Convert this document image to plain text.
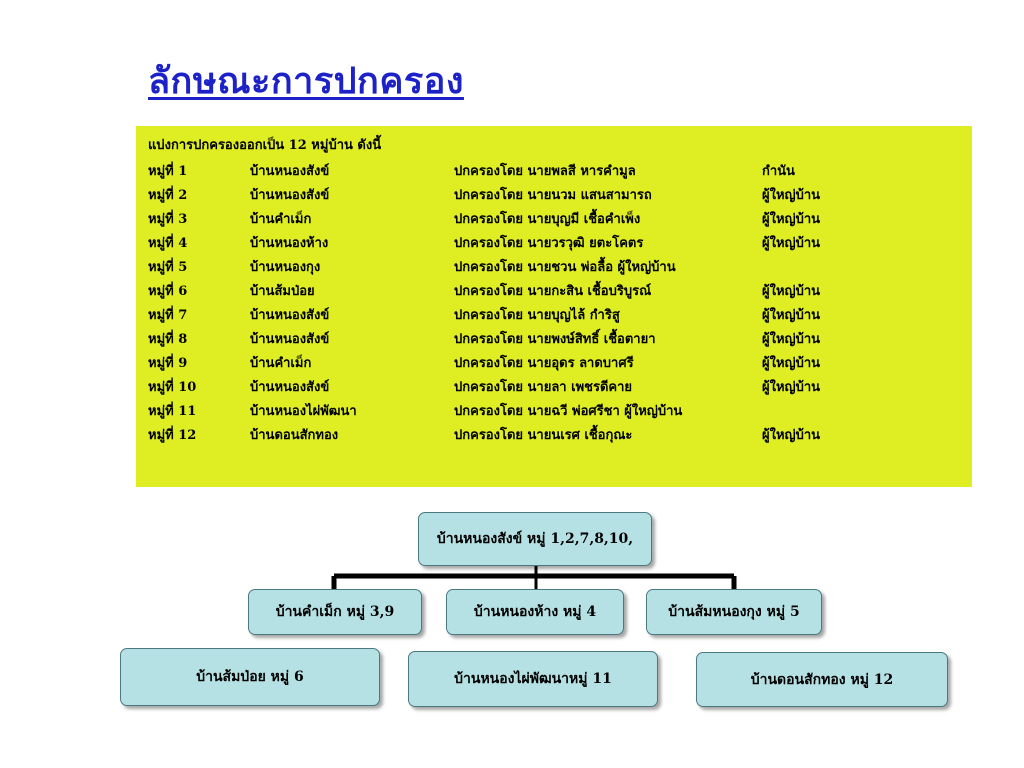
ลักษณะการปกครอง
แบ่งการปกครองออกเป็น 12 หมู่บ้าน ดังนี้
หมู่ที่ 1	บ้านหนองสังข์	ปกครองโดย นายพลสี หารคำมูล	กำนัน
หมู่ที่ 2	บ้านหนองสังข์	ปกครองโดย นายนวม แสนสามารถ	ผู้ใหญ่บ้าน
หมู่ที่ 3	บ้านคำเม็ก	ปกครองโดย นายบุญมี เชื้อคำเพ็ง	ผู้ใหญ่บ้าน
หมู่ที่ 4	บ้านหนองห้าง	ปกครองโดย นายวรวุฒิ ยตะโคตร	ผู้ใหญ่บ้าน
หมู่ที่ 5	บ้านหนองกุง	ปกครองโดย นายชวน พ่อลื้อ ผู้ใหญ่บ้าน
หมู่ที่ 6	บ้านส้มป่อย	ปกครองโดย นายกะสิน เชื้อบริบูรณ์	ผู้ใหญ่บ้าน
หมู่ที่ 7	บ้านหนองสังข์	ปกครองโดย นายบุญไล้ กำริสู	ผู้ใหญ่บ้าน
หมู่ที่ 8	บ้านหนองสังข์	ปกครองโดย นายพงษ์สิทธิ์ เชื้อตายา	ผู้ใหญ่บ้าน
หมู่ที่ 9	บ้านคำเม็ก	ปกครองโดย นายอุดร ลาดบาศรี	ผู้ใหญ่บ้าน
หมู่ที่ 10	บ้านหนองสังข์	ปกครองโดย นายลา เพชรดีคาย	ผู้ใหญ่บ้าน
หมู่ที่ 11	บ้านหนองไผ่พัฒนา	ปกครองโดย นายฉวี พ่อศรีชา ผู้ใหญ่บ้าน
หมู่ที่ 12	บ้านดอนสักทอง	ปกครองโดย นายนเรศ เชื้อกุณะ	ผู้ใหญ่บ้าน
บ้านหนองสังข์ หมู่ 1,2,7,8,10,
บ้านคำเม็ก หมู่ 3,9	บ้านหนองห้าง หมู่ 4	บ้านส้มหนองกุง หมู่ 5
บ้านส้มป่อย หมู่ 6	บ้านหนองไผ่พัฒนาหมู่ 11	บ้านดอนสักทอง หมู่ 12
